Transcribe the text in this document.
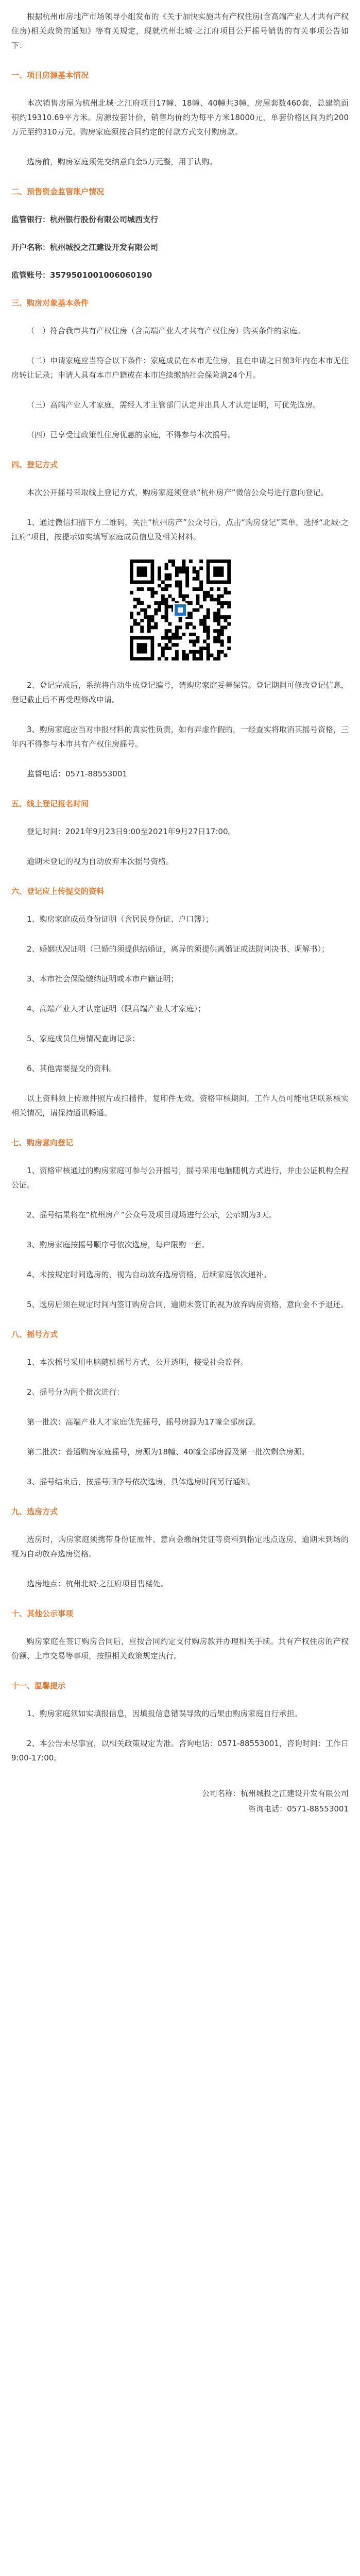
根据杭州市房地产市场领导小组发布的《关于加快实施共有产权住房(含高端产业人才共有产权住房)相关政策的通知》等有关规定，现就杭州北城·之江府项目公开摇号销售的有关事项公告如下：

一、项目房源基本情况

本次销售房屋为杭州北城·之江府项目17幢、18幢、40幢共3幢，房屋套数460套，总建筑面积约19310.69平方米。房源按套计价，销售均价约为每平方米18000元，单套价格区间为约200万元至约310万元。购房家庭须按合同约定的付款方式支付购房款。

选房前，购房家庭须先交纳意向金5万元整，用于认购。

二、预售资金监管账户情况

监管银行：杭州银行股份有限公司城西支行

开户名称：杭州城投之江建设开发有限公司

监管账号：3579501001006060190

三、购房对象基本条件

（一）符合我市共有产权住房（含高端产业人才共有产权住房）购买条件的家庭。

（二）申请家庭应当符合以下条件：家庭成员在本市无住房，且在申请之日前3年内在本市无住房转让记录；申请人具有本市户籍或在本市连续缴纳社会保险满24个月。

（三）高端产业人才家庭，需经人才主管部门认定并出具人才认定证明，可优先选房。

（四）已享受过政策性住房优惠的家庭，不得参与本次摇号。

四、登记方式

本次公开摇号采取线上登记方式，购房家庭须登录“杭州房产”微信公众号进行意向登记。

1、通过微信扫描下方二维码，关注“杭州房产”公众号后，点击“购房登记”菜单，选择“北城·之江府”项目，按提示如实填写家庭成员信息及相关材料。

2、登记完成后，系统将自动生成登记编号，请购房家庭妥善保管。登记期间可修改登记信息，登记截止后不再受理修改申请。

3、购房家庭应当对申报材料的真实性负责，如有弄虚作假的，一经查实将取消其摇号资格，三年内不得参与本市共有产权住房摇号。

监督电话：0571-88553001

五、线上登记报名时间

登记时间：2021年9月23日9:00至2021年9月27日17:00。

逾期未登记的视为自动放弃本次摇号资格。

六、登记应上传提交的资料

1、购房家庭成员身份证明（含居民身份证、户口簿）；

2、婚姻状况证明（已婚的须提供结婚证，离异的须提供离婚证或法院判决书、调解书）；

3、本市社会保险缴纳证明或本市户籍证明；

4、高端产业人才认定证明（限高端产业人才家庭）；

5、家庭成员住房情况查询记录；

6、其他需要提交的资料。

以上资料须上传原件照片或扫描件，复印件无效。资格审核期间，工作人员可能电话联系核实相关情况，请保持通讯畅通。

七、购房意向登记

1、资格审核通过的购房家庭可参与公开摇号，摇号采用电脑随机方式进行，并由公证机构全程公证。

2、摇号结果将在“杭州房产”公众号及项目现场进行公示，公示期为3天。

3、购房家庭按摇号顺序号依次选房，每户限购一套。

4、未按规定时间选房的，视为自动放弃选房资格，后续家庭依次递补。

5、选房后须在规定时间内签订购房合同，逾期未签订的视为放弃购房资格，意向金不予退还。

八、摇号方式

1、本次摇号采用电脑随机摇号方式，公开透明，接受社会监督。

2、摇号分为两个批次进行：

第一批次：高端产业人才家庭优先摇号，摇号房源为17幢全部房源。

第二批次：普通购房家庭摇号，房源为18幢、40幢全部房源及第一批次剩余房源。

3、摇号结束后，按摇号顺序号依次选房，具体选房时间另行通知。

九、选房方式

选房时，购房家庭须携带身份证原件、意向金缴纳凭证等资料到指定地点选房，逾期未到场的视为自动放弃选房资格。

选房地点：杭州北城·之江府项目售楼处。

十、其他公示事项

购房家庭在签订购房合同后，应按合同约定支付购房款并办理相关手续。共有产权住房的产权份额、上市交易等事项，按照相关政策规定执行。

十一、温馨提示

1、购房家庭须如实填报信息，因填报信息错误导致的后果由购房家庭自行承担。

2、本公告未尽事宜，以相关政策规定为准。咨询电话：0571-88553001，咨询时间：工作日9:00-17:00。

公司名称：杭州城投之江建设开发有限公司
咨询电话：0571-88553001
